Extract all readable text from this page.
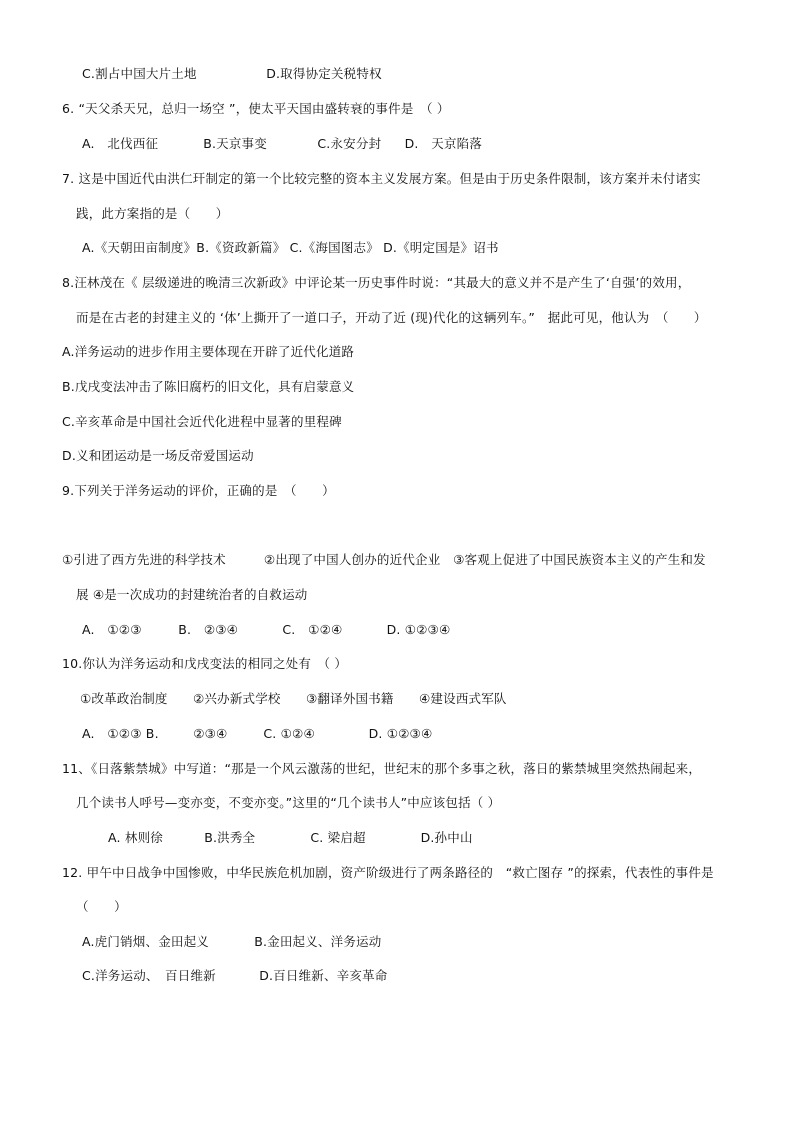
C.割占中国大片土地	D.取得协定关税特权
6. “天父杀天兄，总归一场空 ”，使太平天国由盛转衰的事件是　（ ）
A.　北伐西征	B.天京事变	C.永安分封 D.　天京陷落
7. 这是中国近代由洪仁玕制定的第一个比较完整的资本主义发展方案。但是由于历史条件限制，该方案并未付诸实
践，此方案指的是（　　）
A.《天朝田亩制度》B.《资政新篇》 C.《海国图志》 D.《明定国是》诏书
8.汪林茂在《 层级递进的晚清三次新政》中评论某一历史事件时说：“其最大的意义并不是产生了‘自强’的效用，
而是在古老的封建主义的 ‘体’上撕开了一道口子，开动了近 (现)代化的这辆列车。”　据此可见，他认为　（　　）
A.洋务运动的进步作用主要体现在开辟了近代化道路
B.戊戌变法冲击了陈旧腐朽的旧文化，具有启蒙意义
C.辛亥革命是中国社会近代化进程中显著的里程碑
D.义和团运动是一场反帝爱国运动
9.下列关于洋务运动的评价，正确的是　（　　）
①引进了西方先进的科学技术　　　②出现了中国人创办的近代企业　③客观上促进了中国民族资本主义的产生和发
展 ④是一次成功的封建统治者的自救运动
A.　①②③	B.　②③④	C.　①②④	D. ①②③④
10.你认为洋务运动和戊戌变法的相同之处有　（ ）
①改革政治制度　　②兴办新式学校　　③翻译外国书籍　　④建设西式军队
A.　①②③ B.	②③④	C. ①②④	D. ①②③④
11、《日落紫禁城》中写道：“那是一个风云激荡的世纪，世纪末的那个多事之秋，落日的紫禁城里突然热闹起来，
几个读书人呼号—变亦变，不变亦变。”这里的“几个读书人”中应该包括（ ）
A. 林则徐	B.洪秀全	C. 梁启超	D.孙中山
12. 甲午中日战争中国惨败，中华民族危机加剧，资产阶级进行了两条路径的　“救亡图存 ”的探索，代表性的事件是
（　　）
A.虎门销烟、金田起义	B.金田起义、洋务运动
C.洋务运动、　百日维新	D.百日维新、辛亥革命
